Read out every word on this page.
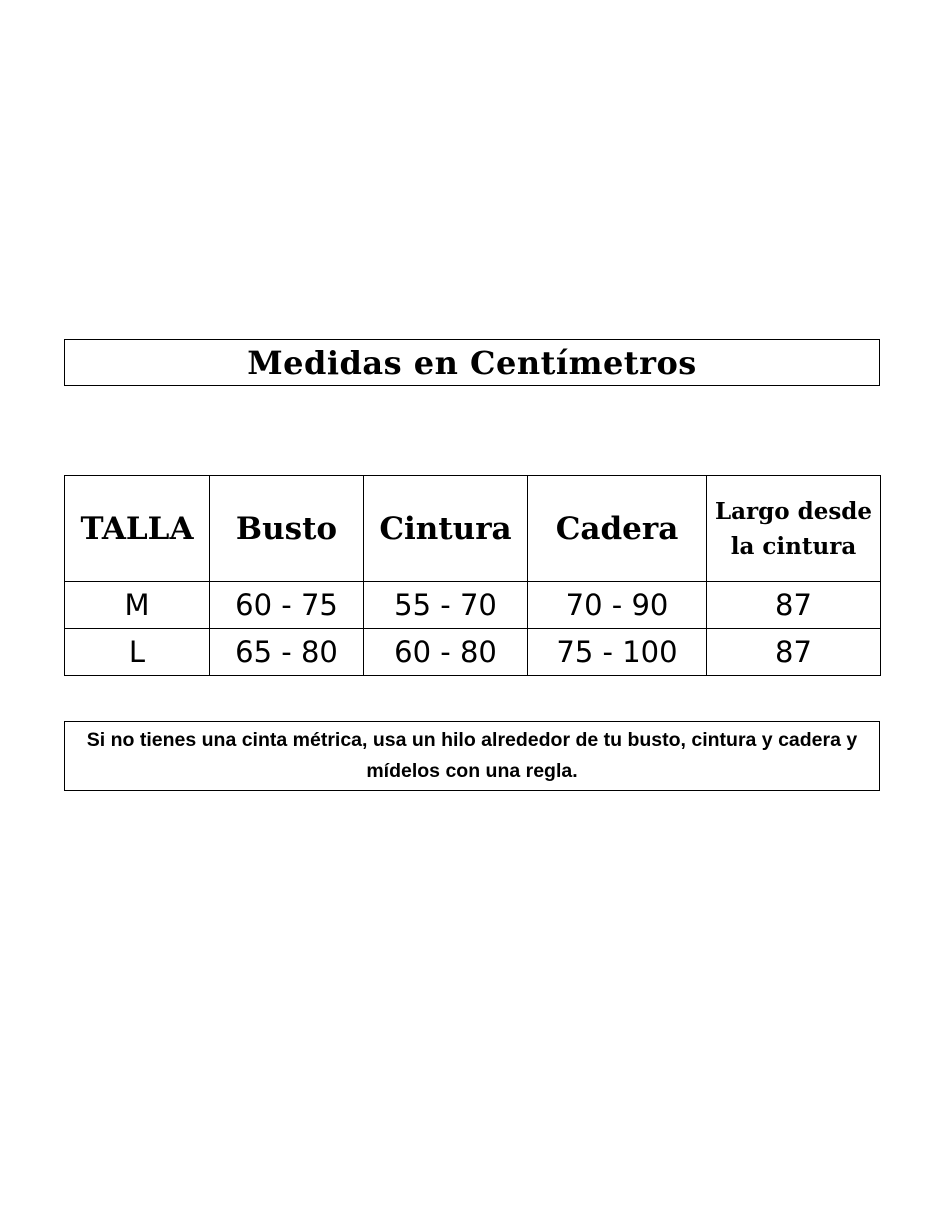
Medidas en Centímetros
TALLA	Busto	Cintura	Cadera	Largo desde la cintura
M	60 - 75	55 - 70	70 - 90	87
L	65 - 80	60 - 80	75 - 100	87
Si no tienes una cinta métrica, usa un hilo alrededor de tu busto, cintura y cadera y mídelos con una regla.
